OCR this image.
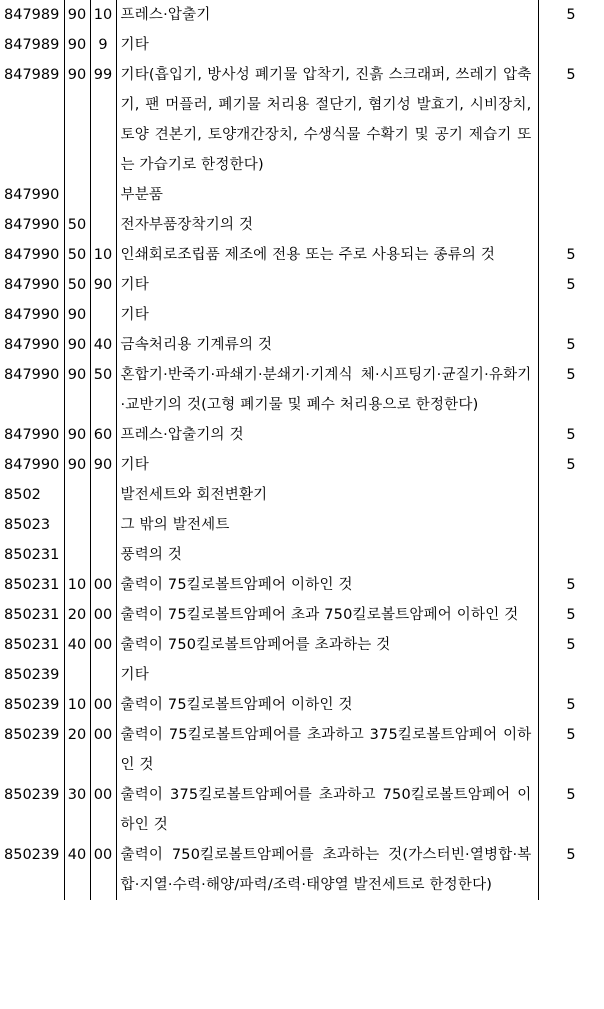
847989	90	10	프레스·압출기	5
847989	90	9	기타	
847989	90	99	기타(흡입기, 방사성 폐기물 압착기, 진흙 스크래퍼, 쓰레기 압축기, 팬 머플러, 폐기물 처리용 절단기, 혐기성 발효기, 시비장치, 토양 견본기, 토양개간장치, 수생식물 수확기 및 공기 제습기 또는 가습기로 한정한다)	5
847990			부분품	
847990	50		전자부품장착기의 것	
847990	50	10	인쇄회로조립품 제조에 전용 또는 주로 사용되는 종류의 것	5
847990	50	90	기타	5
847990	90		기타	
847990	90	40	금속처리용 기계류의 것	5
847990	90	50	혼합기·반죽기·파쇄기·분쇄기·기계식 체·시프팅기·균질기·유화기·교반기의 것(고형 폐기물 및 폐수 처리용으로 한정한다)	5
847990	90	60	프레스·압출기의 것	5
847990	90	90	기타	5
8502			발전세트와 회전변환기	
85023			그 밖의 발전세트	
850231			풍력의 것	
850231	10	00	출력이 75킬로볼트암페어 이하인 것	5
850231	20	00	출력이 75킬로볼트암페어 초과 750킬로볼트암페어 이하인 것	5
850231	40	00	출력이 750킬로볼트암페어를 초과하는 것	5
850239			기타	
850239	10	00	출력이 75킬로볼트암페어 이하인 것	5
850239	20	00	출력이 75킬로볼트암페어를 초과하고 375킬로볼트암페어 이하인 것	5
850239	30	00	출력이 375킬로볼트암페어를 초과하고 750킬로볼트암페어 이하인 것	5
850239	40	00	출력이 750킬로볼트암페어를 초과하는 것(가스터빈·열병합·복합·지열·수력·해양/파력/조력·태양열 발전세트로 한정한다)	5
